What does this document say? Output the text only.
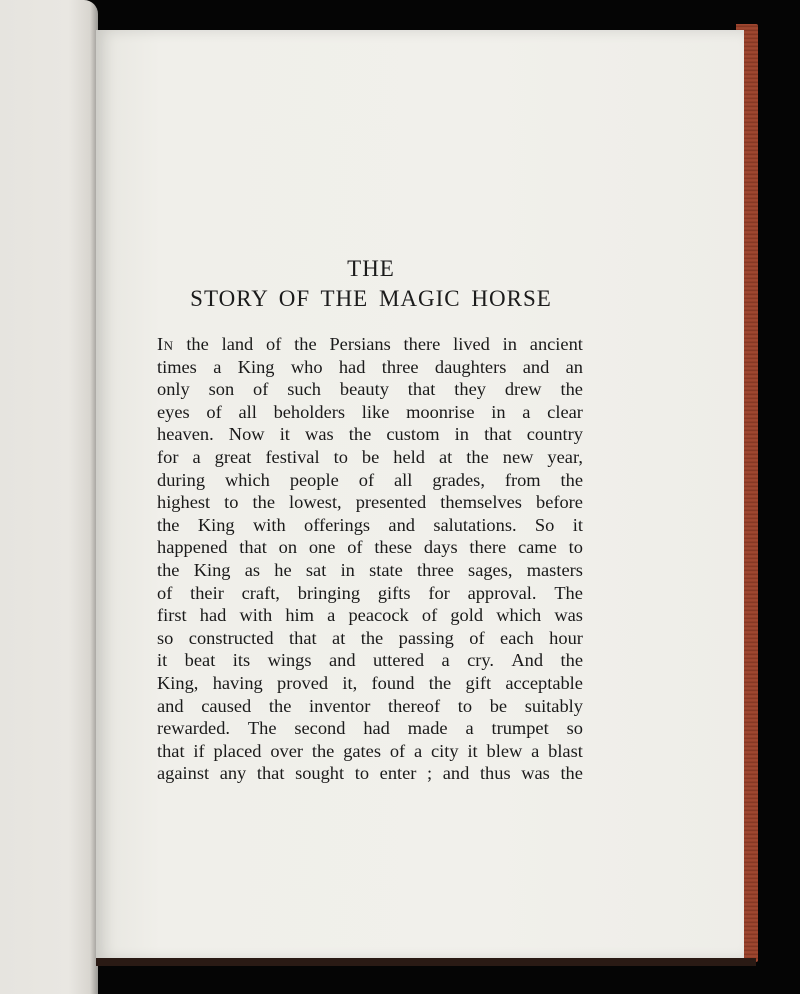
THE
STORY OF THE MAGIC HORSE
In the land of the Persians there lived in ancient
times a King who had three daughters and an
only son of such beauty that they drew the
eyes of all beholders like moonrise in a clear
heaven. Now it was the custom in that country
for a great festival to be held at the new year,
during which people of all grades, from the
highest to the lowest, presented themselves before
the King with offerings and salutations. So it
happened that on one of these days there came to
the King as he sat in state three sages, masters
of their craft, bringing gifts for approval. The
first had with him a peacock of gold which was
so constructed that at the passing of each hour
it beat its wings and uttered a cry. And the
King, having proved it, found the gift acceptable
and caused the inventor thereof to be suitably
rewarded. The second had made a trumpet so
that if placed over the gates of a city it blew a blast
against any that sought to enter ; and thus was the
